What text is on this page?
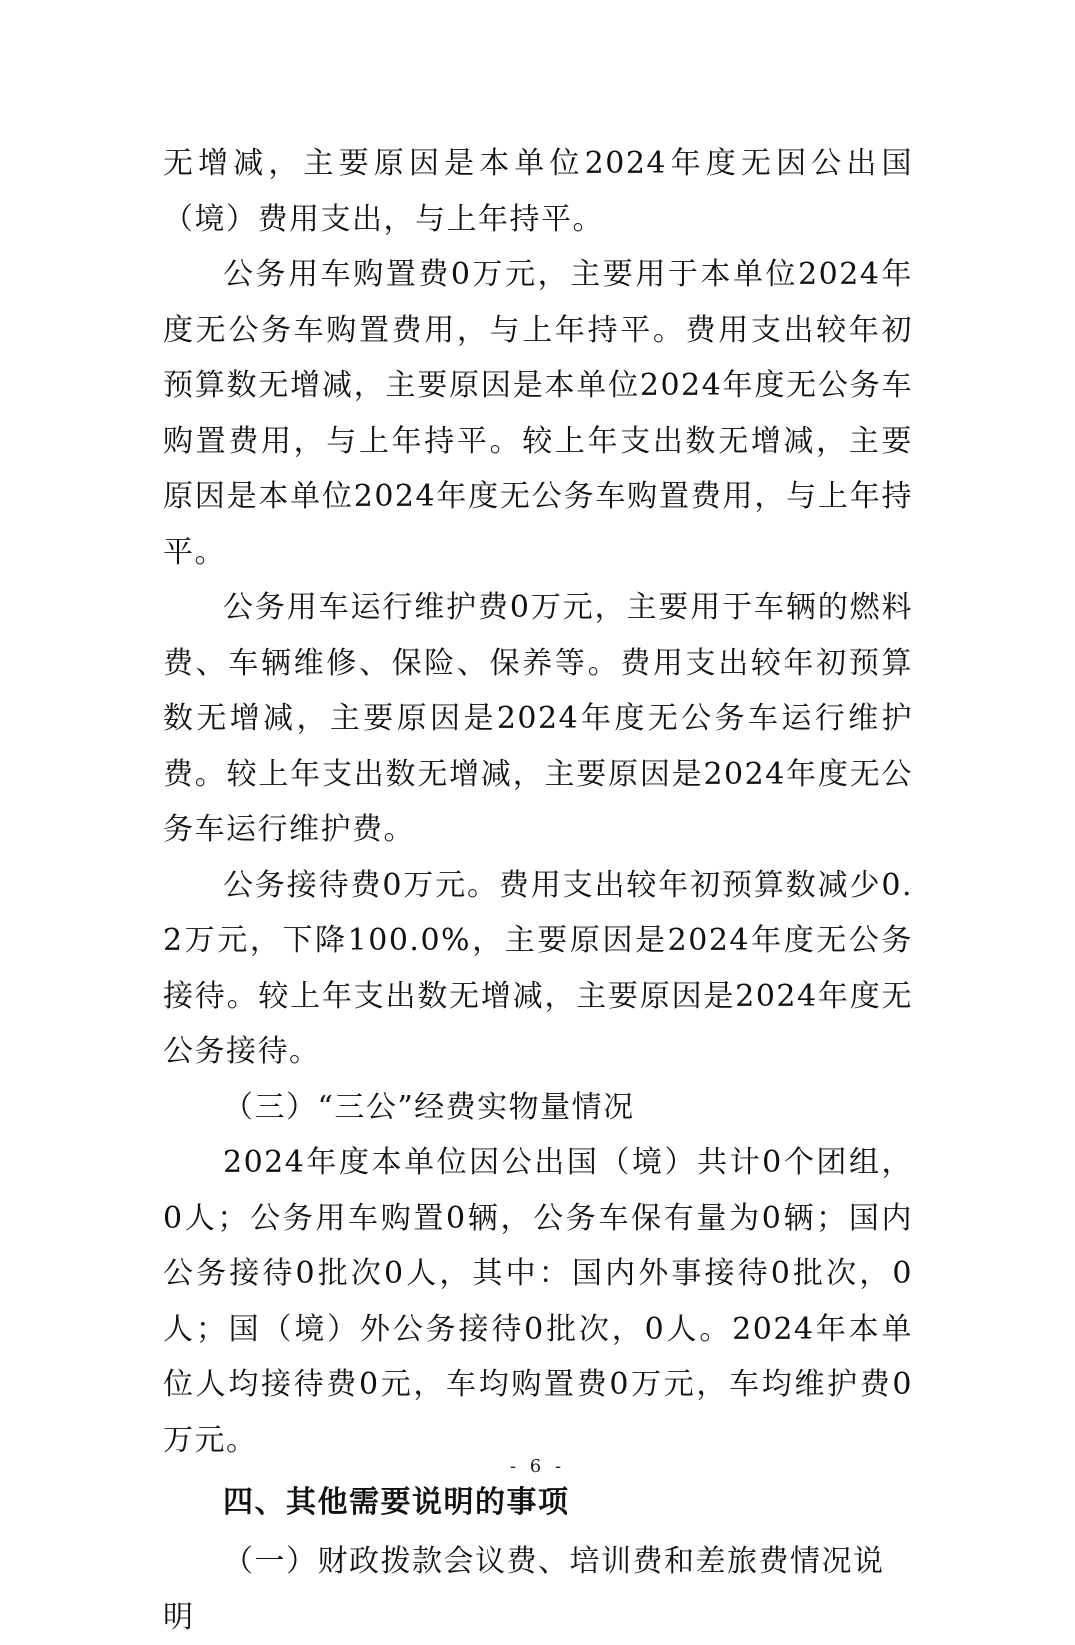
无增减，主要原因是本单位2024年度无因公出国（境）费用支出，与上年持平。

公务用车购置费0万元，主要用于本单位2024年度无公务车购置费用，与上年持平。费用支出较年初预算数无增减，主要原因是本单位2024年度无公务车购置费用，与上年持平。较上年支出数无增减，主要原因是本单位2024年度无公务车购置费用，与上年持平。

公务用车运行维护费0万元，主要用于车辆的燃料费、车辆维修、保险、保养等。费用支出较年初预算数无增减，主要原因是2024年度无公务车运行维护费。较上年支出数无增减，主要原因是2024年度无公务车运行维护费。

公务接待费0万元。费用支出较年初预算数减少0.2万元，下降100.0%，主要原因是2024年度无公务接待。较上年支出数无增减，主要原因是2024年度无公务接待。

（三）“三公”经费实物量情况

2024年度本单位因公出国（境）共计0个团组，0人；公务用车购置0辆，公务车保有量为0辆；国内公务接待0批次0人，其中：国内外事接待0批次，0人；国（境）外公务接待0批次，0人。2024年本单位人均接待费0元，车均购置费0万元，车均维护费0万元。

四、其他需要说明的事项

（一）财政拨款会议费、培训费和差旅费情况说明

- 6 -
